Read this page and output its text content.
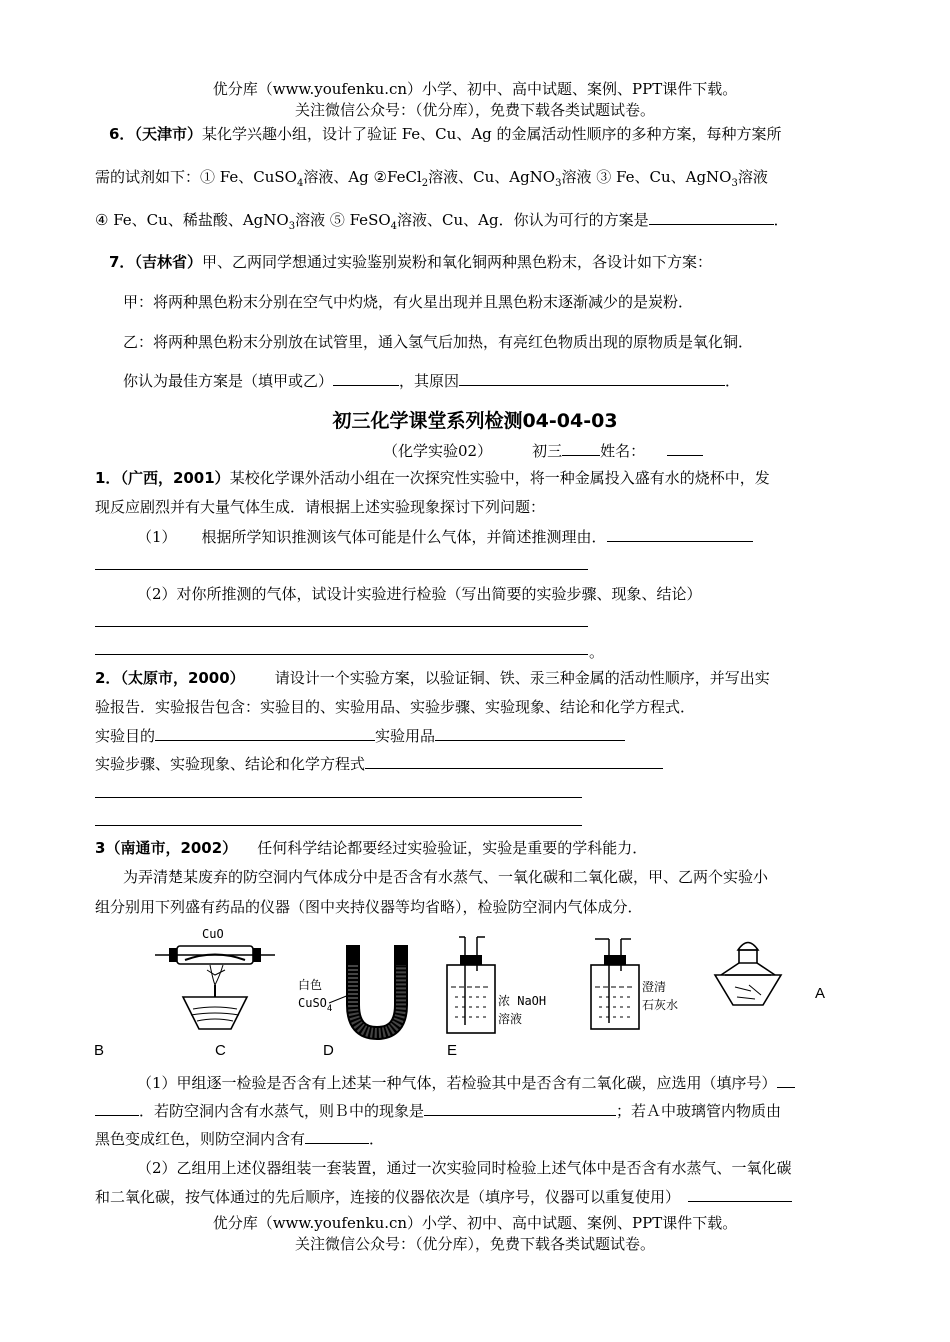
优分库（www.youfenku.cn）小学、初中、高中试题、案例、PPT课件下载。
关注微信公众号：（优分库），免费下载各类试题试卷。
6．（天津市）某化学兴趣小组，设计了验证 Fe、Cu、Ag 的金属活动性顺序的多种方案，每种方案所
需的试剂如下：① Fe、CuSO$_4$溶液、Ag ②FeCl$_2$溶液、Cu、AgNO$_3$溶液 ③ Fe、Cu、AgNO$_3$溶液
④ Fe、Cu、稀盐酸、AgNO$_3$溶液 ⑤ FeSO$_4$溶液、Cu、Ag．你认为可行的方案是	．
7．（吉林省）甲、乙两同学想通过实验鉴别炭粉和氧化铜两种黑色粉末，各设计如下方案：
甲：将两种黑色粉末分别在空气中灼烧，有火星出现并且黑色粉末逐渐减少的是炭粉．
乙：将两种黑色粉末分别放在试管里，通入氢气后加热，有亮红色物质出现的原物质是氧化铜．
你认为最佳方案是（填甲或乙）	，其原因	．
初三化学课堂系列检测04-04-03
（化学实验02）	初三	姓名：
1．（广西，2001）某校化学课外活动小组在一次探究性实验中，将一种金属投入盛有水的烧杯中，发
现反应剧烈并有大量气体生成．请根据上述实验现象探讨下列问题：
（1） 根据所学知识推测该气体可能是什么气体，并简述推测理由．
（2）对你所推测的气体，试设计实验进行检验（写出简要的实验步骤、现象、结论）
。
2．（太原市，2000） 请设计一个实验方案，以验证铜、铁、汞三种金属的活动性顺序，并写出实
验报告．实验报告包含：实验目的、实验用品、实验步骤、实验现象、结论和化学方程式．
实验目的	实验用品
实验步骤、实验现象、结论和化学方程式
3（南通市，2002） 任何科学结论都要经过实验验证，实验是重要的学科能力．
为弄清楚某废弃的防空洞内气体成分中是否含有水蒸气、一氧化碳和二氧化碳，甲、乙两个实验小
组分别用下列盛有药品的仪器（图中夹持仪器等均省略），检验防空洞内气体成分．
CuO
白色
CuSO$_4$
浓 NaOH
溶液
澄清
石灰水
A
B	C	D	E
（1）甲组逐一检验是否含有上述某一种气体，若检验其中是否含有二氧化碳，应选用（填序号）
．若防空洞内含有水蒸气，则Ｂ中的现象是	；若Ａ中玻璃管内物质由
黑色变成红色，则防空洞内含有	．
（2）乙组用上述仪器组装一套装置，通过一次实验同时检验上述气体中是否含有水蒸气、一氧化碳
和二氧化碳，按气体通过的先后顺序，连接的仪器依次是（填序号，仪器可以重复使用）
优分库（www.youfenku.cn）小学、初中、高中试题、案例、PPT课件下载。
关注微信公众号：（优分库），免费下载各类试题试卷。
